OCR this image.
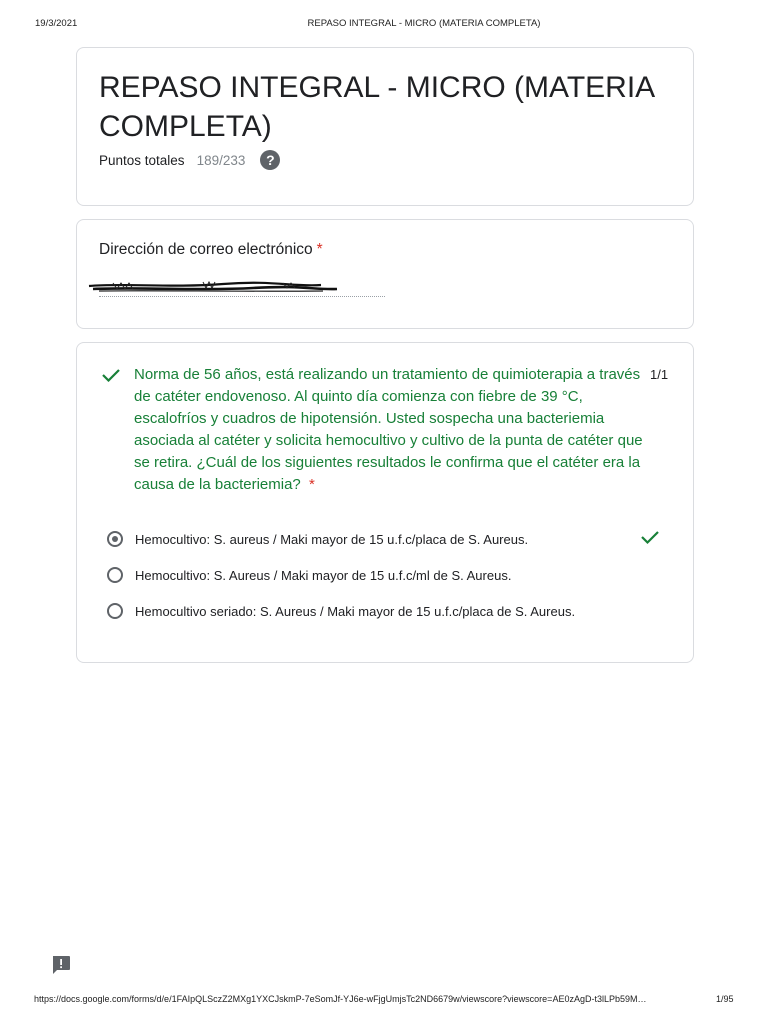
19/3/2021	REPASO INTEGRAL - MICRO (MATERIA COMPLETA)
REPASO INTEGRAL - MICRO (MATERIA COMPLETA)
Puntos totales 189/233	?
Dirección de correo electrónico *
Norma de 56 años, está realizando un tratamiento de quimioterapia a través de catéter endovenoso. Al quinto día comienza con fiebre de 39 °C, escalofríos y cuadros de hipotensión. Usted sospecha una bacteriemia asociada al catéter y solicita hemocultivo y cultivo de la punta de catéter que se retira. ¿Cuál de los siguientes resultados le confirma que el catéter era la causa de la bacteriemia? *
1/1
Hemocultivo: S. aureus / Maki mayor de 15 u.f.c/placa de S. Aureus.
Hemocultivo: S. Aureus / Maki mayor de 15 u.f.c/ml de S. Aureus.
Hemocultivo seriado: S. Aureus / Maki mayor de 15 u.f.c/placa de S. Aureus.
https://docs.google.com/forms/d/e/1FAIpQLSczZ2MXg1YXCJskmP-7eSomJf-YJ6e-wFjgUmjsTc2ND6679w/viewscore?viewscore=AE0zAgD-t3lLPb59M…	1/95
